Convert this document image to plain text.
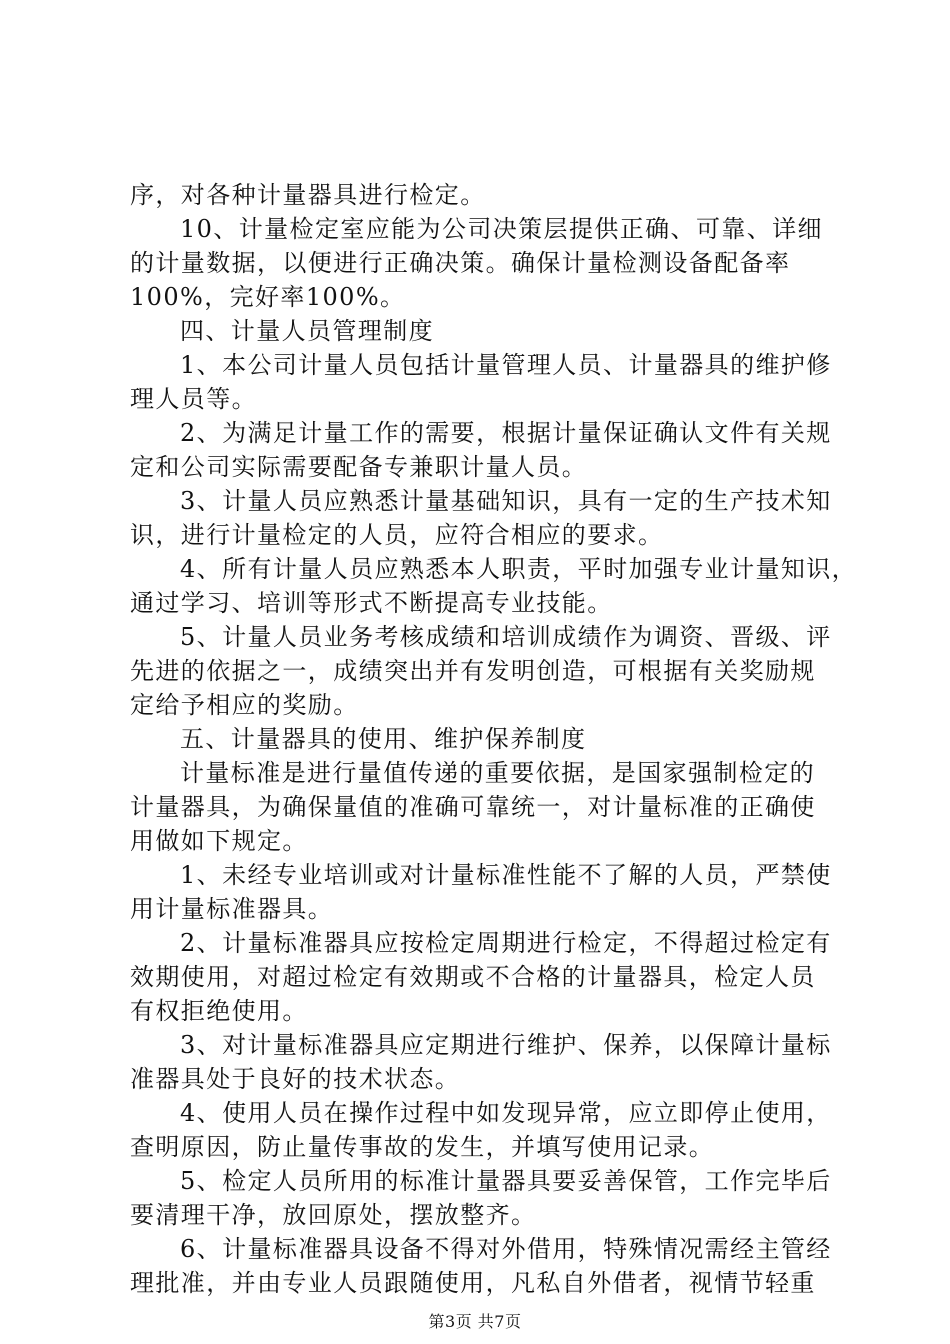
序，对各种计量器具进行检定。
10、计量检定室应能为公司决策层提供正确、可靠、详细
的计量数据，以便进行正确决策。确保计量检测设备配备率
100%，完好率100%。
四、计量人员管理制度
1、本公司计量人员包括计量管理人员、计量器具的维护修
理人员等。
2、为满足计量工作的需要，根据计量保证确认文件有关规
定和公司实际需要配备专兼职计量人员。
3、计量人员应熟悉计量基础知识，具有一定的生产技术知
识，进行计量检定的人员，应符合相应的要求。
4、所有计量人员应熟悉本人职责，平时加强专业计量知识，
通过学习、培训等形式不断提高专业技能。
5、计量人员业务考核成绩和培训成绩作为调资、晋级、评
先进的依据之一，成绩突出并有发明创造，可根据有关奖励规
定给予相应的奖励。
五、计量器具的使用、维护保养制度
计量标准是进行量值传递的重要依据，是国家强制检定的
计量器具，为确保量值的准确可靠统一，对计量标准的正确使
用做如下规定。
1、未经专业培训或对计量标准性能不了解的人员，严禁使
用计量标准器具。
2、计量标准器具应按检定周期进行检定，不得超过检定有
效期使用，对超过检定有效期或不合格的计量器具，检定人员
有权拒绝使用。
3、对计量标准器具应定期进行维护、保养，以保障计量标
准器具处于良好的技术状态。
4、使用人员在操作过程中如发现异常，应立即停止使用，
查明原因，防止量传事故的发生，并填写使用记录。
5、检定人员所用的标准计量器具要妥善保管，工作完毕后
要清理干净，放回原处，摆放整齐。
6、计量标准器具设备不得对外借用，特殊情况需经主管经
理批准，并由专业人员跟随使用，凡私自外借者，视情节轻重
第3页 共7页
